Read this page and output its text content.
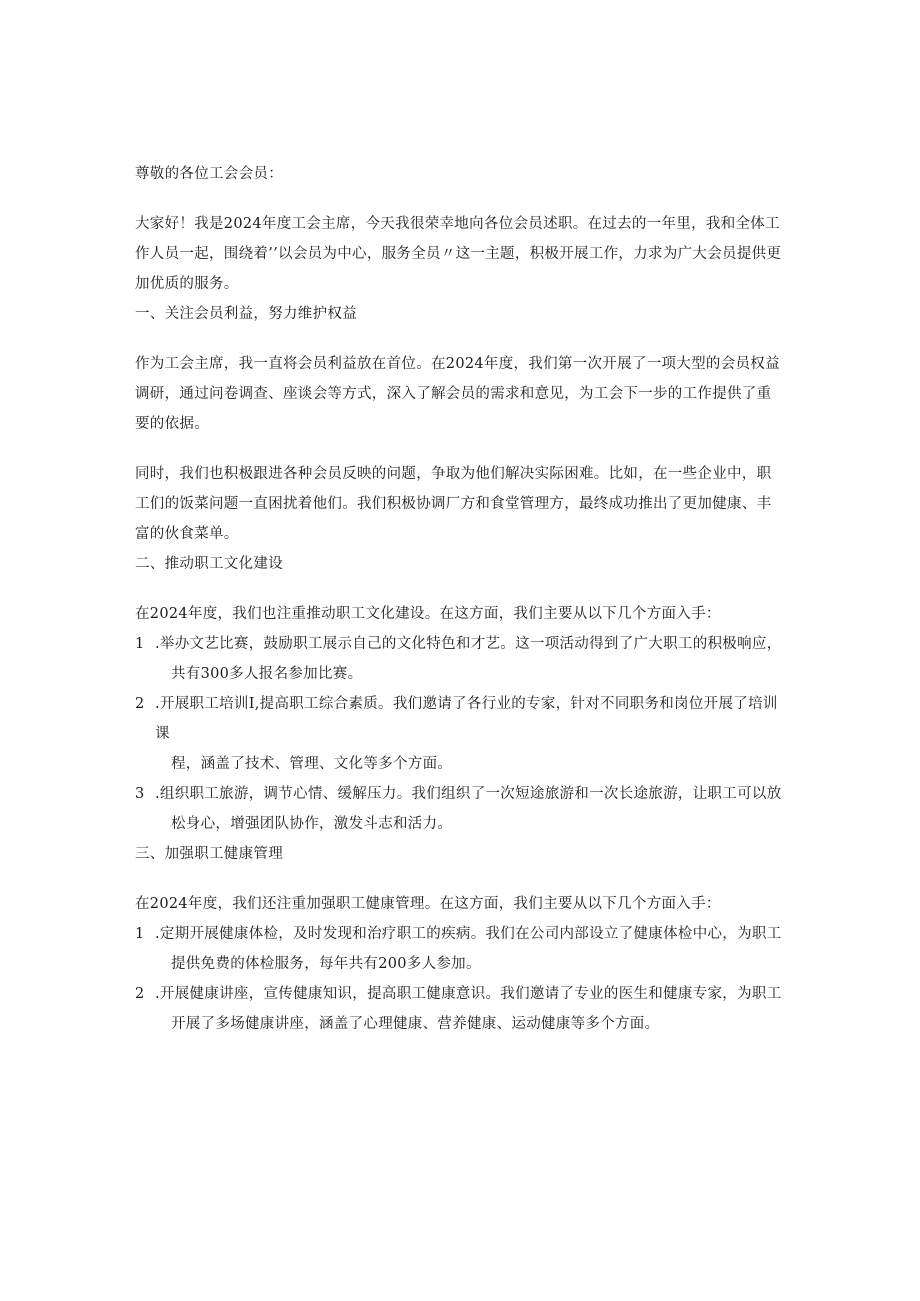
尊敬的各位工会会员：

大家好！我是2024年度工会主席，今天我很荣幸地向各位会员述职。在过去的一年里，我和全体工作人员一起，围绕着’’以会员为中心，服务全员〃这一主题，积极开展工作，力求为广大会员提供更加优质的服务。

一、关注会员利益，努力维护权益

作为工会主席，我一直将会员利益放在首位。在2024年度，我们第一次开展了一项大型的会员权益调研，通过问卷调查、座谈会等方式，深入了解会员的需求和意见，为工会下一步的工作提供了重要的依据。

同时，我们也积极跟进各种会员反映的问题，争取为他们解决实际困难。比如，在一些企业中，职工们的饭菜问题一直困扰着他们。我们积极协调厂方和食堂管理方，最终成功推出了更加健康、丰富的伙食菜单。

二、推动职工文化建设

在2024年度，我们也注重推动职工文化建设。在这方面，我们主要从以下几个方面入手：

1 .举办文艺比赛，鼓励职工展示自己的文化特色和才艺。这一项活动得到了广大职工的积极响应，
共有300多人报名参加比赛。
2 .开展职工培训I,提高职工综合素质。我们邀请了各行业的专家，针对不同职务和岗位开展了培训课
程，涵盖了技术、管理、文化等多个方面。
3 .组织职工旅游，调节心情、缓解压力。我们组织了一次短途旅游和一次长途旅游，让职工可以放
松身心，增强团队协作，激发斗志和活力。

三、加强职工健康管理

在2024年度，我们还注重加强职工健康管理。在这方面，我们主要从以下几个方面入手：

1 .定期开展健康体检，及时发现和治疗职工的疾病。我们在公司内部设立了健康体检中心，为职工
提供免费的体检服务，每年共有200多人参加。
2 .开展健康讲座，宣传健康知识，提高职工健康意识。我们邀请了专业的医生和健康专家，为职工
开展了多场健康讲座，涵盖了心理健康、营养健康、运动健康等多个方面。
